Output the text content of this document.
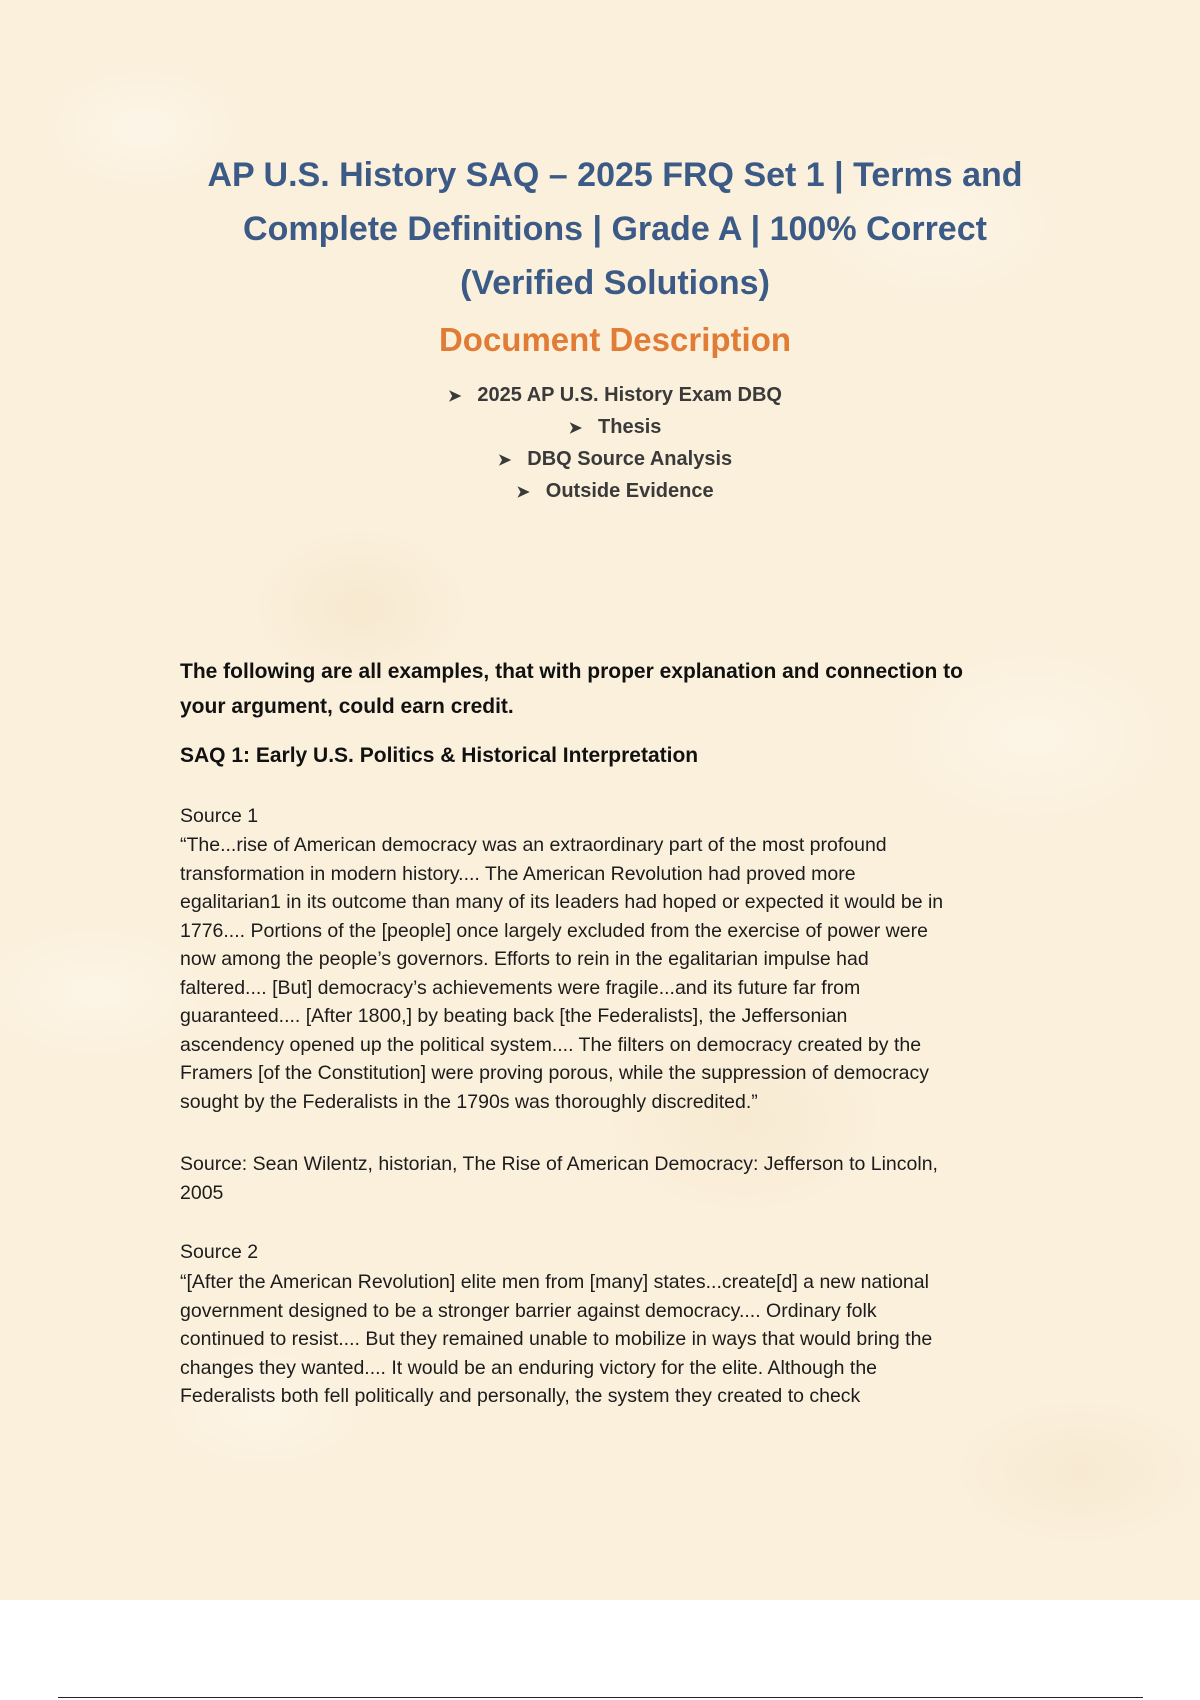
AP U.S. History SAQ – 2025 FRQ Set 1 | Terms and
Complete Definitions | Grade A | 100% Correct
(Verified Solutions)
Document Description
➤ 2025 AP U.S. History Exam DBQ
➤ Thesis
➤ DBQ Source Analysis
➤ Outside Evidence

The following are all examples, that with proper explanation and connection to
your argument, could earn credit.

SAQ 1: Early U.S. Politics & Historical Interpretation

Source 1

“The...rise of American democracy was an extraordinary part of the most profound
transformation in modern history.... The American Revolution had proved more
egalitarian1 in its outcome than many of its leaders had hoped or expected it would be in
1776.... Portions of the [people] once largely excluded from the exercise of power were
now among the people’s governors. Efforts to rein in the egalitarian impulse had
faltered.... [But] democracy’s achievements were fragile...and its future far from
guaranteed.... [After 1800,] by beating back [the Federalists], the Jeffersonian
ascendency opened up the political system.... The filters on democracy created by the
Framers [of the Constitution] were proving porous, while the suppression of democracy
sought by the Federalists in the 1790s was thoroughly discredited.”

Source: Sean Wilentz, historian, The Rise of American Democracy: Jefferson to Lincoln,
2005

Source 2

“[After the American Revolution] elite men from [many] states...create[d] a new national
government designed to be a stronger barrier against democracy.... Ordinary folk
continued to resist.... But they remained unable to mobilize in ways that would bring the
changes they wanted.... It would be an enduring victory for the elite. Although the
Federalists both fell politically and personally, the system they created to check
